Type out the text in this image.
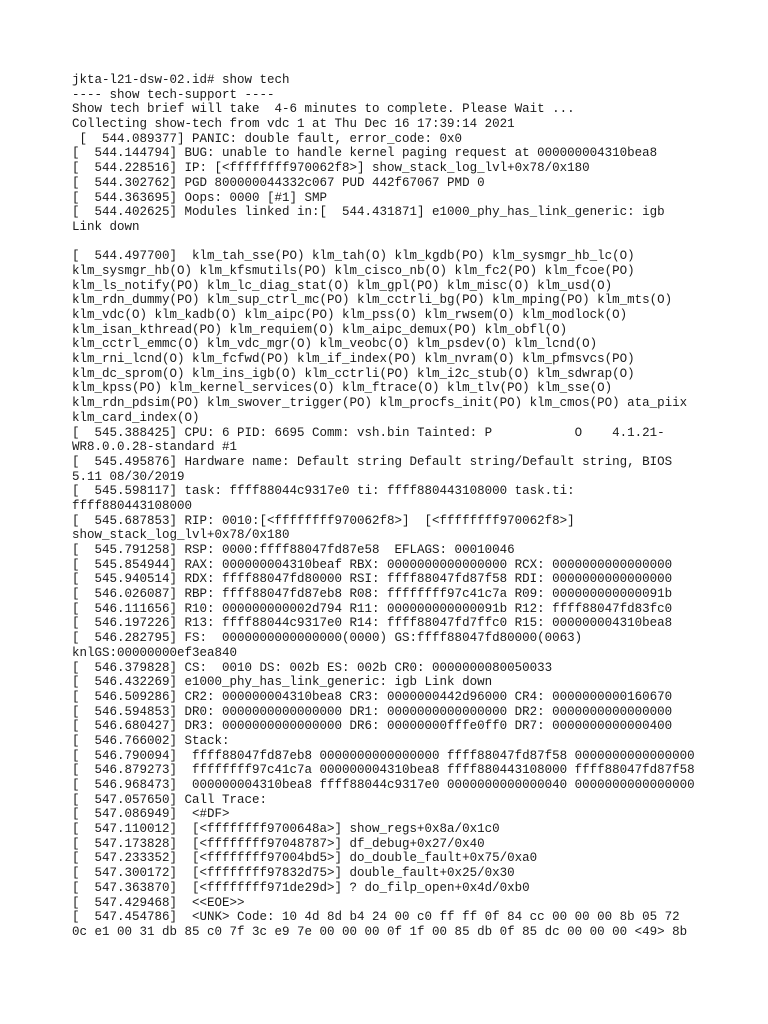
jkta-l21-dsw-02.id# show tech
---- show tech-support ----
Show tech brief will take  4-6 minutes to complete. Please Wait ...
Collecting show-tech from vdc 1 at Thu Dec 16 17:39:14 2021
[  544.089377] PANIC: double fault, error_code: 0x0
[  544.144794] BUG: unable to handle kernel paging request at 000000004310bea8
[  544.228516] IP: [<ffffffff970062f8>] show_stack_log_lvl+0x78/0x180
[  544.302762] PGD 800000044332c067 PUD 442f67067 PMD 0
[  544.363695] Oops: 0000 [#1] SMP
[  544.402625] Modules linked in:[  544.431871] e1000_phy_has_link_generic: igb
Link down
[  544.497700]  klm_tah_sse(PO) klm_tah(O) klm_kgdb(PO) klm_sysmgr_hb_lc(O)
klm_sysmgr_hb(O) klm_kfsmutils(PO) klm_cisco_nb(O) klm_fc2(PO) klm_fcoe(PO)
klm_ls_notify(PO) klm_lc_diag_stat(O) klm_gpl(PO) klm_misc(O) klm_usd(O)
klm_rdn_dummy(PO) klm_sup_ctrl_mc(PO) klm_cctrli_bg(PO) klm_mping(PO) klm_mts(O)
klm_vdc(O) klm_kadb(O) klm_aipc(PO) klm_pss(O) klm_rwsem(O) klm_modlock(O)
klm_isan_kthread(PO) klm_requiem(O) klm_aipc_demux(PO) klm_obfl(O)
klm_cctrl_emmc(O) klm_vdc_mgr(O) klm_veobc(O) klm_psdev(O) klm_lcnd(O)
klm_rni_lcnd(O) klm_fcfwd(PO) klm_if_index(PO) klm_nvram(O) klm_pfmsvcs(PO)
klm_dc_sprom(O) klm_ins_igb(O) klm_cctrli(PO) klm_i2c_stub(O) klm_sdwrap(O)
klm_kpss(PO) klm_kernel_services(O) klm_ftrace(O) klm_tlv(PO) klm_sse(O)
klm_rdn_pdsim(PO) klm_swover_trigger(PO) klm_procfs_init(PO) klm_cmos(PO) ata_piix
klm_card_index(O)
[  545.388425] CPU: 6 PID: 6695 Comm: vsh.bin Tainted: P           O    4.1.21-
WR8.0.0.28-standard #1
[  545.495876] Hardware name: Default string Default string/Default string, BIOS
5.11 08/30/2019
[  545.598117] task: ffff88044c9317e0 ti: ffff880443108000 task.ti:
ffff880443108000
[  545.687853] RIP: 0010:[<ffffffff970062f8>]  [<ffffffff970062f8>]
show_stack_log_lvl+0x78/0x180
[  545.791258] RSP: 0000:ffff88047fd87e58  EFLAGS: 00010046
[  545.854944] RAX: 000000004310beaf RBX: 0000000000000000 RCX: 0000000000000000
[  545.940514] RDX: ffff88047fd80000 RSI: ffff88047fd87f58 RDI: 0000000000000000
[  546.026087] RBP: ffff88047fd87eb8 R08: ffffffff97c41c7a R09: 000000000000091b
[  546.111656] R10: 000000000002d794 R11: 000000000000091b R12: ffff88047fd83fc0
[  546.197226] R13: ffff88044c9317e0 R14: ffff88047fd7ffc0 R15: 000000004310bea8
[  546.282795] FS:  0000000000000000(0000) GS:ffff88047fd80000(0063)
knlGS:00000000ef3ea840
[  546.379828] CS:  0010 DS: 002b ES: 002b CR0: 0000000080050033
[  546.432269] e1000_phy_has_link_generic: igb Link down
[  546.509286] CR2: 000000004310bea8 CR3: 0000000442d96000 CR4: 0000000000160670
[  546.594853] DR0: 0000000000000000 DR1: 0000000000000000 DR2: 0000000000000000
[  546.680427] DR3: 0000000000000000 DR6: 00000000fffe0ff0 DR7: 0000000000000400
[  546.766002] Stack:
[  546.790094]  ffff88047fd87eb8 0000000000000000 ffff88047fd87f58 0000000000000000
[  546.879273]  ffffffff97c41c7a 000000004310bea8 ffff880443108000 ffff88047fd87f58
[  546.968473]  000000004310bea8 ffff88044c9317e0 0000000000000040 0000000000000000
[  547.057650] Call Trace:
[  547.086949]  <#DF>
[  547.110012]  [<ffffffff9700648a>] show_regs+0x8a/0x1c0
[  547.173828]  [<ffffffff97048787>] df_debug+0x27/0x40
[  547.233352]  [<ffffffff97004bd5>] do_double_fault+0x75/0xa0
[  547.300172]  [<ffffffff97832d75>] double_fault+0x25/0x30
[  547.363870]  [<ffffffff971de29d>] ? do_filp_open+0x4d/0xb0
[  547.429468]  <<EOE>>
[  547.454786]  <UNK> Code: 10 4d 8d b4 24 00 c0 ff ff 0f 84 cc 00 00 00 8b 05 72
0c e1 00 31 db 85 c0 7f 3c e9 7e 00 00 00 0f 1f 00 85 db 0f 85 dc 00 00 00 <49> 8b
